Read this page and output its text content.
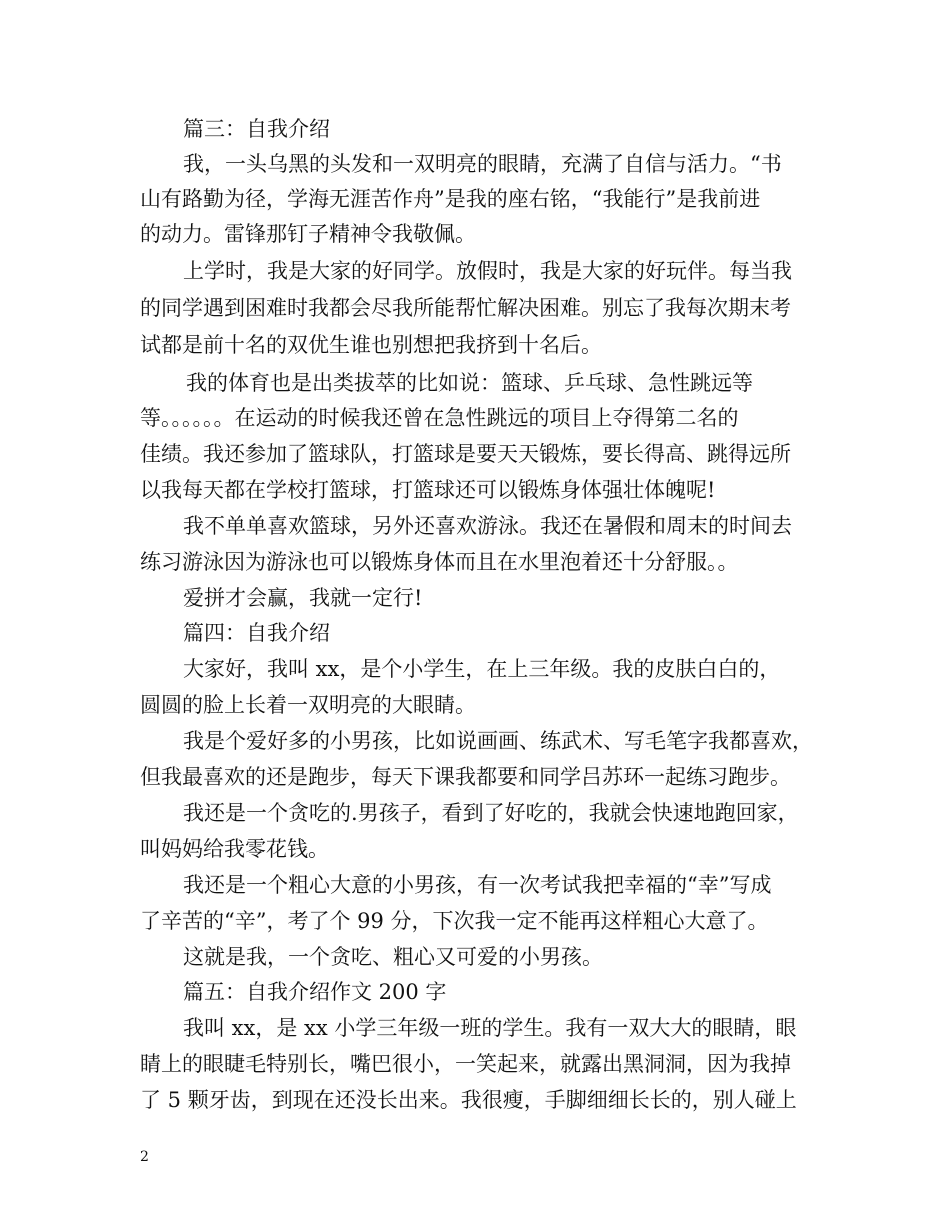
篇三：自我介绍

我，一头乌黑的头发和一双明亮的眼睛，充满了自信与活力。“书

山有路勤为径，学海无涯苦作舟”是我的座右铭，“我能行”是我前进

的动力。雷锋那钉子精神令我敬佩。

上学时，我是大家的好同学。放假时，我是大家的好玩伴。每当我

的同学遇到困难时我都会尽我所能帮忙解决困难。别忘了我每次期末考

试都是前十名的双优生谁也别想把我挤到十名后。

我的体育也是出类拔萃的比如说：篮球、乒乓球、急性跳远等

等。。。。。。在运动的时候我还曾在急性跳远的项目上夺得第二名的

佳绩。我还参加了篮球队，打篮球是要天天锻炼，要长得高、跳得远所

以我每天都在学校打篮球，打篮球还可以锻炼身体强壮体魄呢!

我不单单喜欢篮球，另外还喜欢游泳。我还在暑假和周末的时间去

练习游泳因为游泳也可以锻炼身体而且在水里泡着还十分舒服。。

爱拼才会赢，我就一定行!

篇四：自我介绍

大家好，我叫 xx，是个小学生，在上三年级。我的皮肤白白的，

圆圆的脸上长着一双明亮的大眼睛。

我是个爱好多的小男孩，比如说画画、练武术、写毛笔字我都喜欢，

但我最喜欢的还是跑步，每天下课我都要和同学吕苏环一起练习跑步。

我还是一个贪吃的.男孩子，看到了好吃的，我就会快速地跑回家，

叫妈妈给我零花钱。

我还是一个粗心大意的小男孩，有一次考试我把幸福的“幸”写成

了辛苦的“辛”，考了个 99 分，下次我一定不能再这样粗心大意了。

这就是我，一个贪吃、粗心又可爱的小男孩。

篇五：自我介绍作文 200 字

我叫 xx，是 xx 小学三年级一班的学生。我有一双大大的眼睛，眼

睛上的眼睫毛特别长，嘴巴很小，一笑起来，就露出黑洞洞，因为我掉

了 5 颗牙齿，到现在还没长出来。我很瘦，手脚细细长长的，别人碰上

2
